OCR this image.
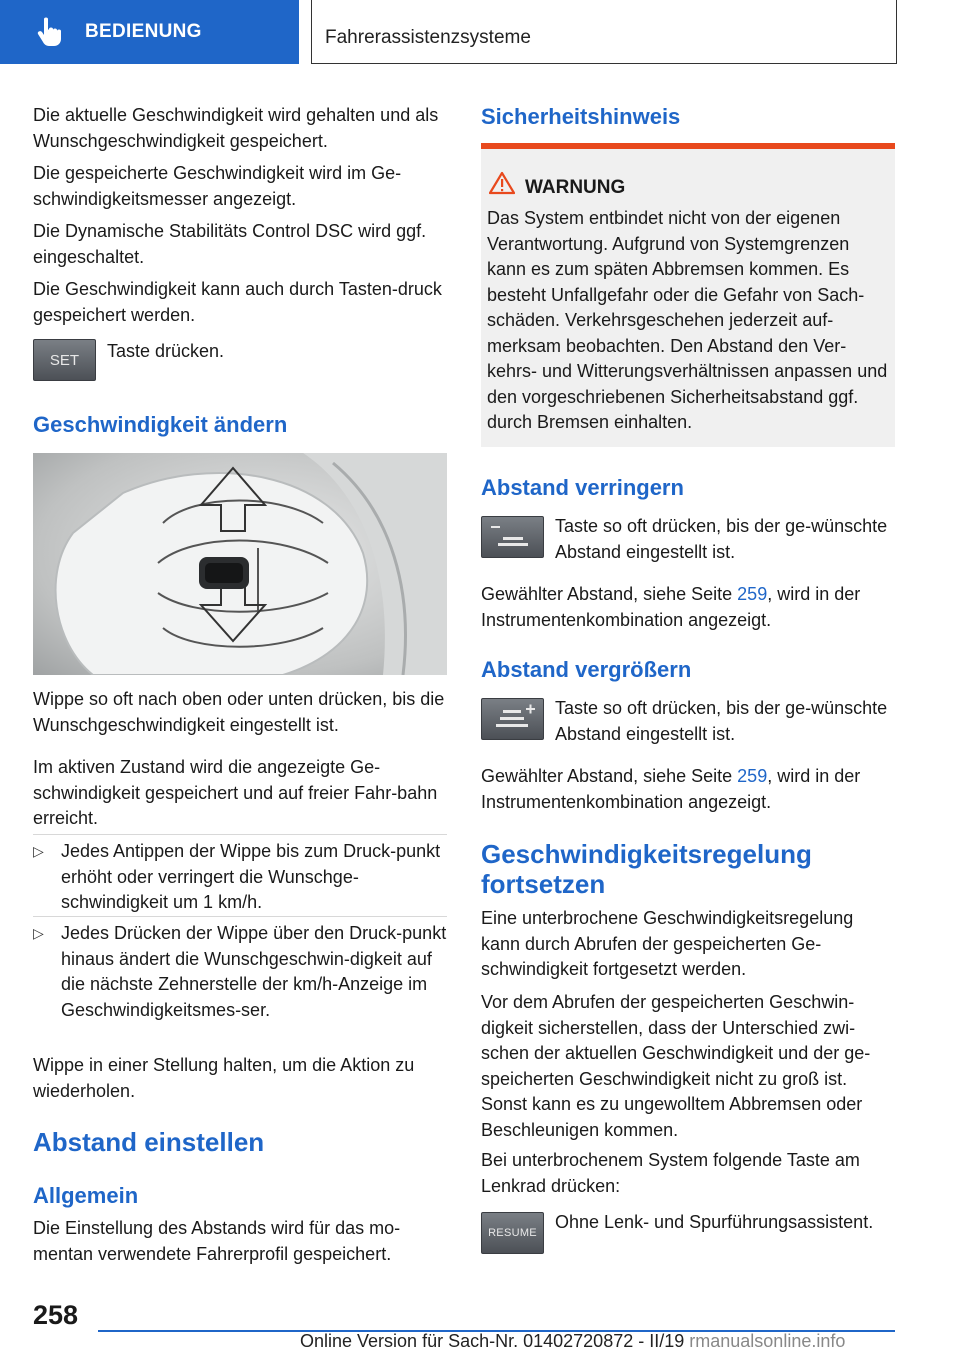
BEDIENUNG	Fahrerassistenzsysteme
Die aktuelle Geschwindigkeit wird gehalten und als Wunschgeschwindigkeit gespeichert.
Die gespeicherte Geschwindigkeit wird im Ge-schwindigkeitsmesser angezeigt.
Die Dynamische Stabilitäts Control DSC wird ggf. eingeschaltet.
Die Geschwindigkeit kann auch durch Tasten-druck gespeichert werden.
SET Taste drücken.
Geschwindigkeit ändern
Wippe so oft nach oben oder unten drücken, bis die Wunschgeschwindigkeit eingestellt ist.
Im aktiven Zustand wird die angezeigte Ge-schwindigkeit gespeichert und auf freier Fahr-bahn erreicht.
▷ Jedes Antippen der Wippe bis zum Druck-punkt erhöht oder verringert die Wunschge-schwindigkeit um 1 km/h.
▷ Jedes Drücken der Wippe über den Druck-punkt hinaus ändert die Wunschgeschwin-digkeit auf die nächste Zehnerstelle der km/h-Anzeige im Geschwindigkeitsmes-ser.
Wippe in einer Stellung halten, um die Aktion zu wiederholen.
Abstand einstellen
Allgemein
Die Einstellung des Abstands wird für das mo-mentan verwendete Fahrerprofil gespeichert.
Sicherheitshinweis
WARNUNG
Das System entbindet nicht von der eigenen Verantwortung. Aufgrund von Systemgrenzen kann es zum späten Abbremsen kommen. Es besteht Unfallgefahr oder die Gefahr von Sach-schäden. Verkehrsgeschehen jederzeit auf-merksam beobachten. Den Abstand den Ver-kehrs- und Witterungsverhältnissen anpassen und den vorgeschriebenen Sicherheitsabstand ggf. durch Bremsen einhalten.
Abstand verringern
Taste so oft drücken, bis der ge-wünschte Abstand eingestellt ist.
Gewählter Abstand, siehe Seite 259, wird in der Instrumentenkombination angezeigt.
Abstand vergrößern
Taste so oft drücken, bis der ge-wünschte Abstand eingestellt ist.
Gewählter Abstand, siehe Seite 259, wird in der Instrumentenkombination angezeigt.
Geschwindigkeitsregelung
fortsetzen
Eine unterbrochene Geschwindigkeitsregelung kann durch Abrufen der gespeicherten Ge-schwindigkeit fortgesetzt werden.
Vor dem Abrufen der gespeicherten Geschwin-digkeit sicherstellen, dass der Unterschied zwi-schen der aktuellen Geschwindigkeit und der ge-speicherten Geschwindigkeit nicht zu groß ist. Sonst kann es zu ungewolltem Abbremsen oder Beschleunigen kommen.
Bei unterbrochenem System folgende Taste am Lenkrad drücken:
RESUME
Ohne Lenk- und Spurführungsassistent.
258
Online Version für Sach-Nr. 01402720872 - II/19 rmanualsonline.info
